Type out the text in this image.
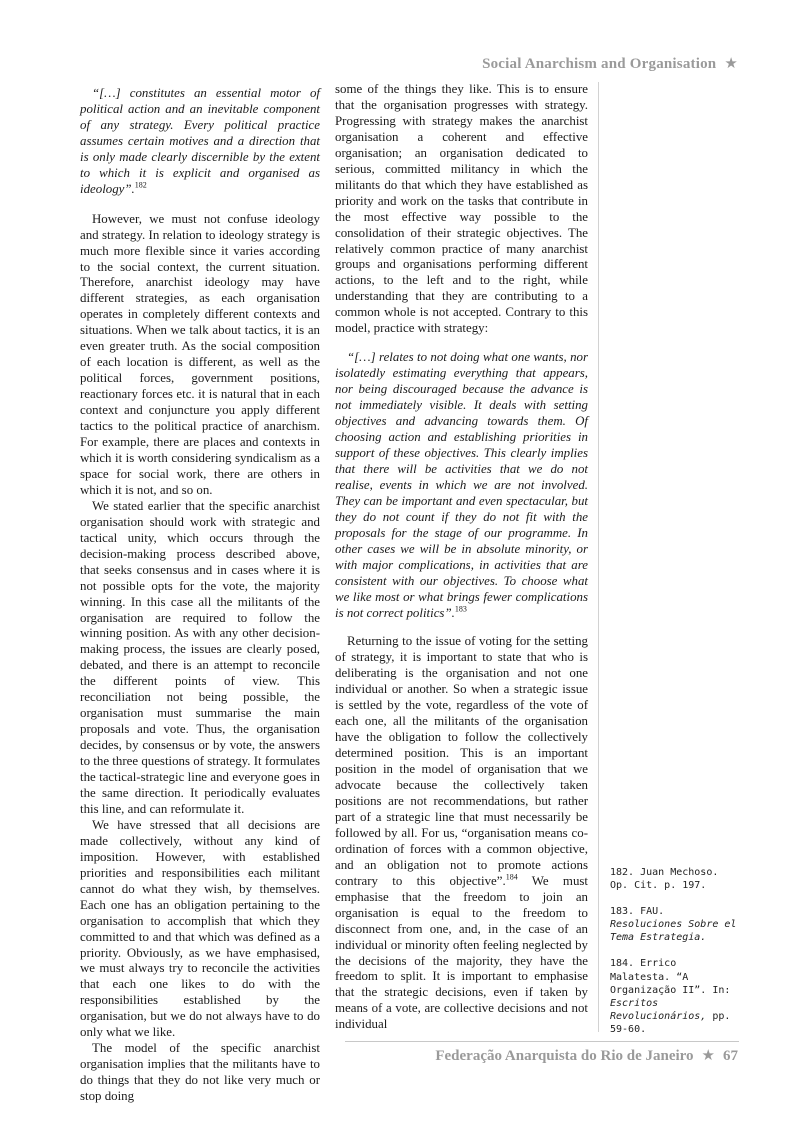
Social Anarchism and Organisation ★

“[…] constitutes an essential motor of political action and an inevitable component of any strategy. Every political practice assumes certain motives and a direction that is only made clearly discernible by the extent to which it is explicit and organised as ideology”.$^{182}$

However, we must not confuse ideology and strategy. In relation to ideology strategy is much more flexible since it varies according to the social context, the current situation. Therefore, anarchist ideology may have different strategies, as each organisation operates in completely different contexts and situations. When we talk about tactics, it is an even greater truth. As the social composition of each location is different, as well as the political forces, government positions, reactionary forces etc. it is natural that in each context and conjuncture you apply different tactics to the political practice of anarchism. For example, there are places and contexts in which it is worth considering syndicalism as a space for social work, there are others in which it is not, and so on.

We stated earlier that the specific anarchist organisation should work with strategic and tactical unity, which occurs through the decision-making process described above, that seeks consensus and in cases where it is not possible opts for the vote, the majority winning. In this case all the militants of the organisation are required to follow the winning position. As with any other decision-making process, the issues are clearly posed, debated, and there is an attempt to reconcile the different points of view. This reconciliation not being possible, the organisation must summarise the main proposals and vote. Thus, the organisation decides, by consensus or by vote, the answers to the three questions of strategy. It formulates the tactical-strategic line and everyone goes in the same direction. It periodically evaluates this line, and can reformulate it.

We have stressed that all decisions are made collectively, without any kind of imposition. However, with established priorities and responsibilities each militant cannot do what they wish, by themselves. Each one has an obligation pertaining to the organisation to accomplish that which they committed to and that which was defined as a priority. Obviously, as we have emphasised, we must always try to reconcile the activities that each one likes to do with the responsibilities established by the organisation, but we do not always have to do only what we like.

The model of the specific anarchist organisation implies that the militants have to do things that they do not like very much or stop doing

some of the things they like. This is to ensure that the organisation progresses with strategy. Progressing with strategy makes the anarchist organisation a coherent and effective organisation; an organisation dedicated to serious, committed militancy in which the militants do that which they have established as priority and work on the tasks that contribute in the most effective way possible to the consolidation of their strategic objectives. The relatively common practice of many anarchist groups and organisations performing different actions, to the left and to the right, while understanding that they are contributing to a common whole is not accepted. Contrary to this model, practice with strategy:

“[…] relates to not doing what one wants, nor isolatedly estimating everything that appears, nor being discouraged because the advance is not immediately visible. It deals with setting objectives and advancing towards them. Of choosing action and establishing priorities in support of these objectives. This clearly implies that there will be activities that we do not realise, events in which we are not involved. They can be important and even spectacular, but they do not count if they do not fit with the proposals for the stage of our programme. In other cases we will be in absolute minority, or with major complications, in activities that are consistent with our objectives. To choose what we like most or what brings fewer complications is not correct politics”.$^{183}$

Returning to the issue of voting for the setting of strategy, it is important to state that who is deliberating is the organisation and not one individual or another. So when a strategic issue is settled by the vote, regardless of the vote of each one, all the militants of the organisation have the obligation to follow the collectively determined position. This is an important position in the model of organisation that we advocate because the collectively taken positions are not recommendations, but rather part of a strategic line that must necessarily be followed by all. For us, “organisation means co-ordination of forces with a common objective, and an obligation not to promote actions contrary to this objective”.$^{184}$ We must emphasise that the freedom to join an organisation is equal to the freedom to disconnect from one, and, in the case of an individual or minority often feeling neglected by the decisions of the majority, they have the freedom to split. It is important to emphasise that the strategic decisions, even if taken by means of a vote, are collective decisions and not individual

182. Juan Mechoso. Op. Cit. p. 197.
183. FAU. Resoluciones Sobre el Tema Estrategia.
184. Errico Malatesta. “A Organização II”. In: Escritos Revolucionários, pp. 59-60.
Federação Anarquista do Rio de Janeiro ★ 67
